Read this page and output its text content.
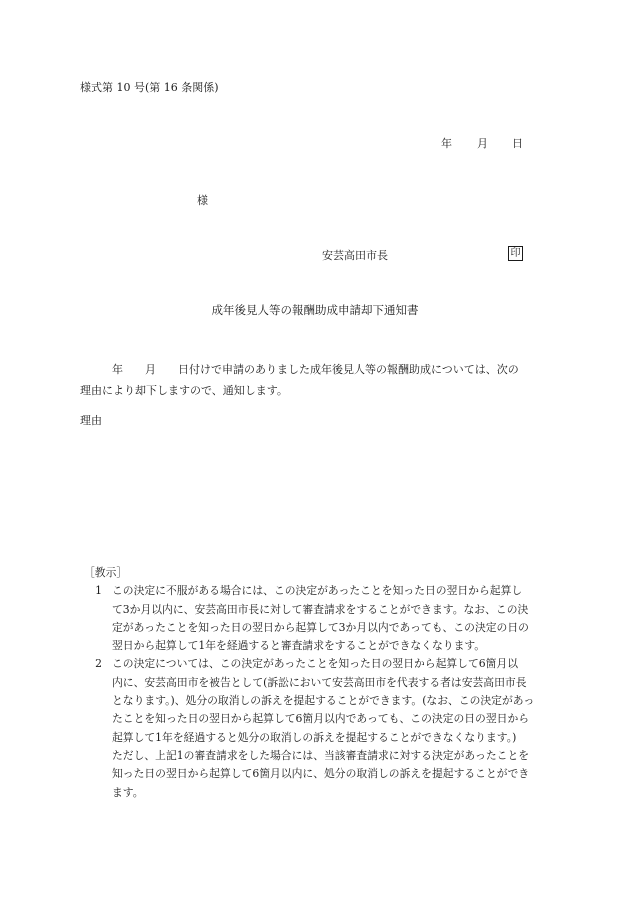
様式第 10 号(第 16 条関係)
年 月 日
様
安芸高田市長	印
成年後見人等の報酬助成申請却下通知書
年　　月　　日付けで申請のありました成年後見人等の報酬助成については、次の
理由により却下しますので、通知します。
理由
［教示］
1 この決定に不服がある場合には、この決定があったことを知った日の翌日から起算し
て3か月以内に、安芸高田市長に対して審査請求をすることができます。なお、この決
定があったことを知った日の翌日から起算して3か月以内であっても、この決定の日の
翌日から起算して1年を経過すると審査請求をすることができなくなります。
2 この決定については、この決定があったことを知った日の翌日から起算して6箇月以
内に、安芸高田市を被告として(訴訟において安芸高田市を代表する者は安芸高田市長
となります。)、処分の取消しの訴えを提起することができます。(なお、この決定があっ
たことを知った日の翌日から起算して6箇月以内であっても、この決定の日の翌日から
起算して1年を経過すると処分の取消しの訴えを提起することができなくなります。)
ただし、上記1の審査請求をした場合には、当該審査請求に対する決定があったことを
知った日の翌日から起算して6箇月以内に、処分の取消しの訴えを提起することができ
ます。
